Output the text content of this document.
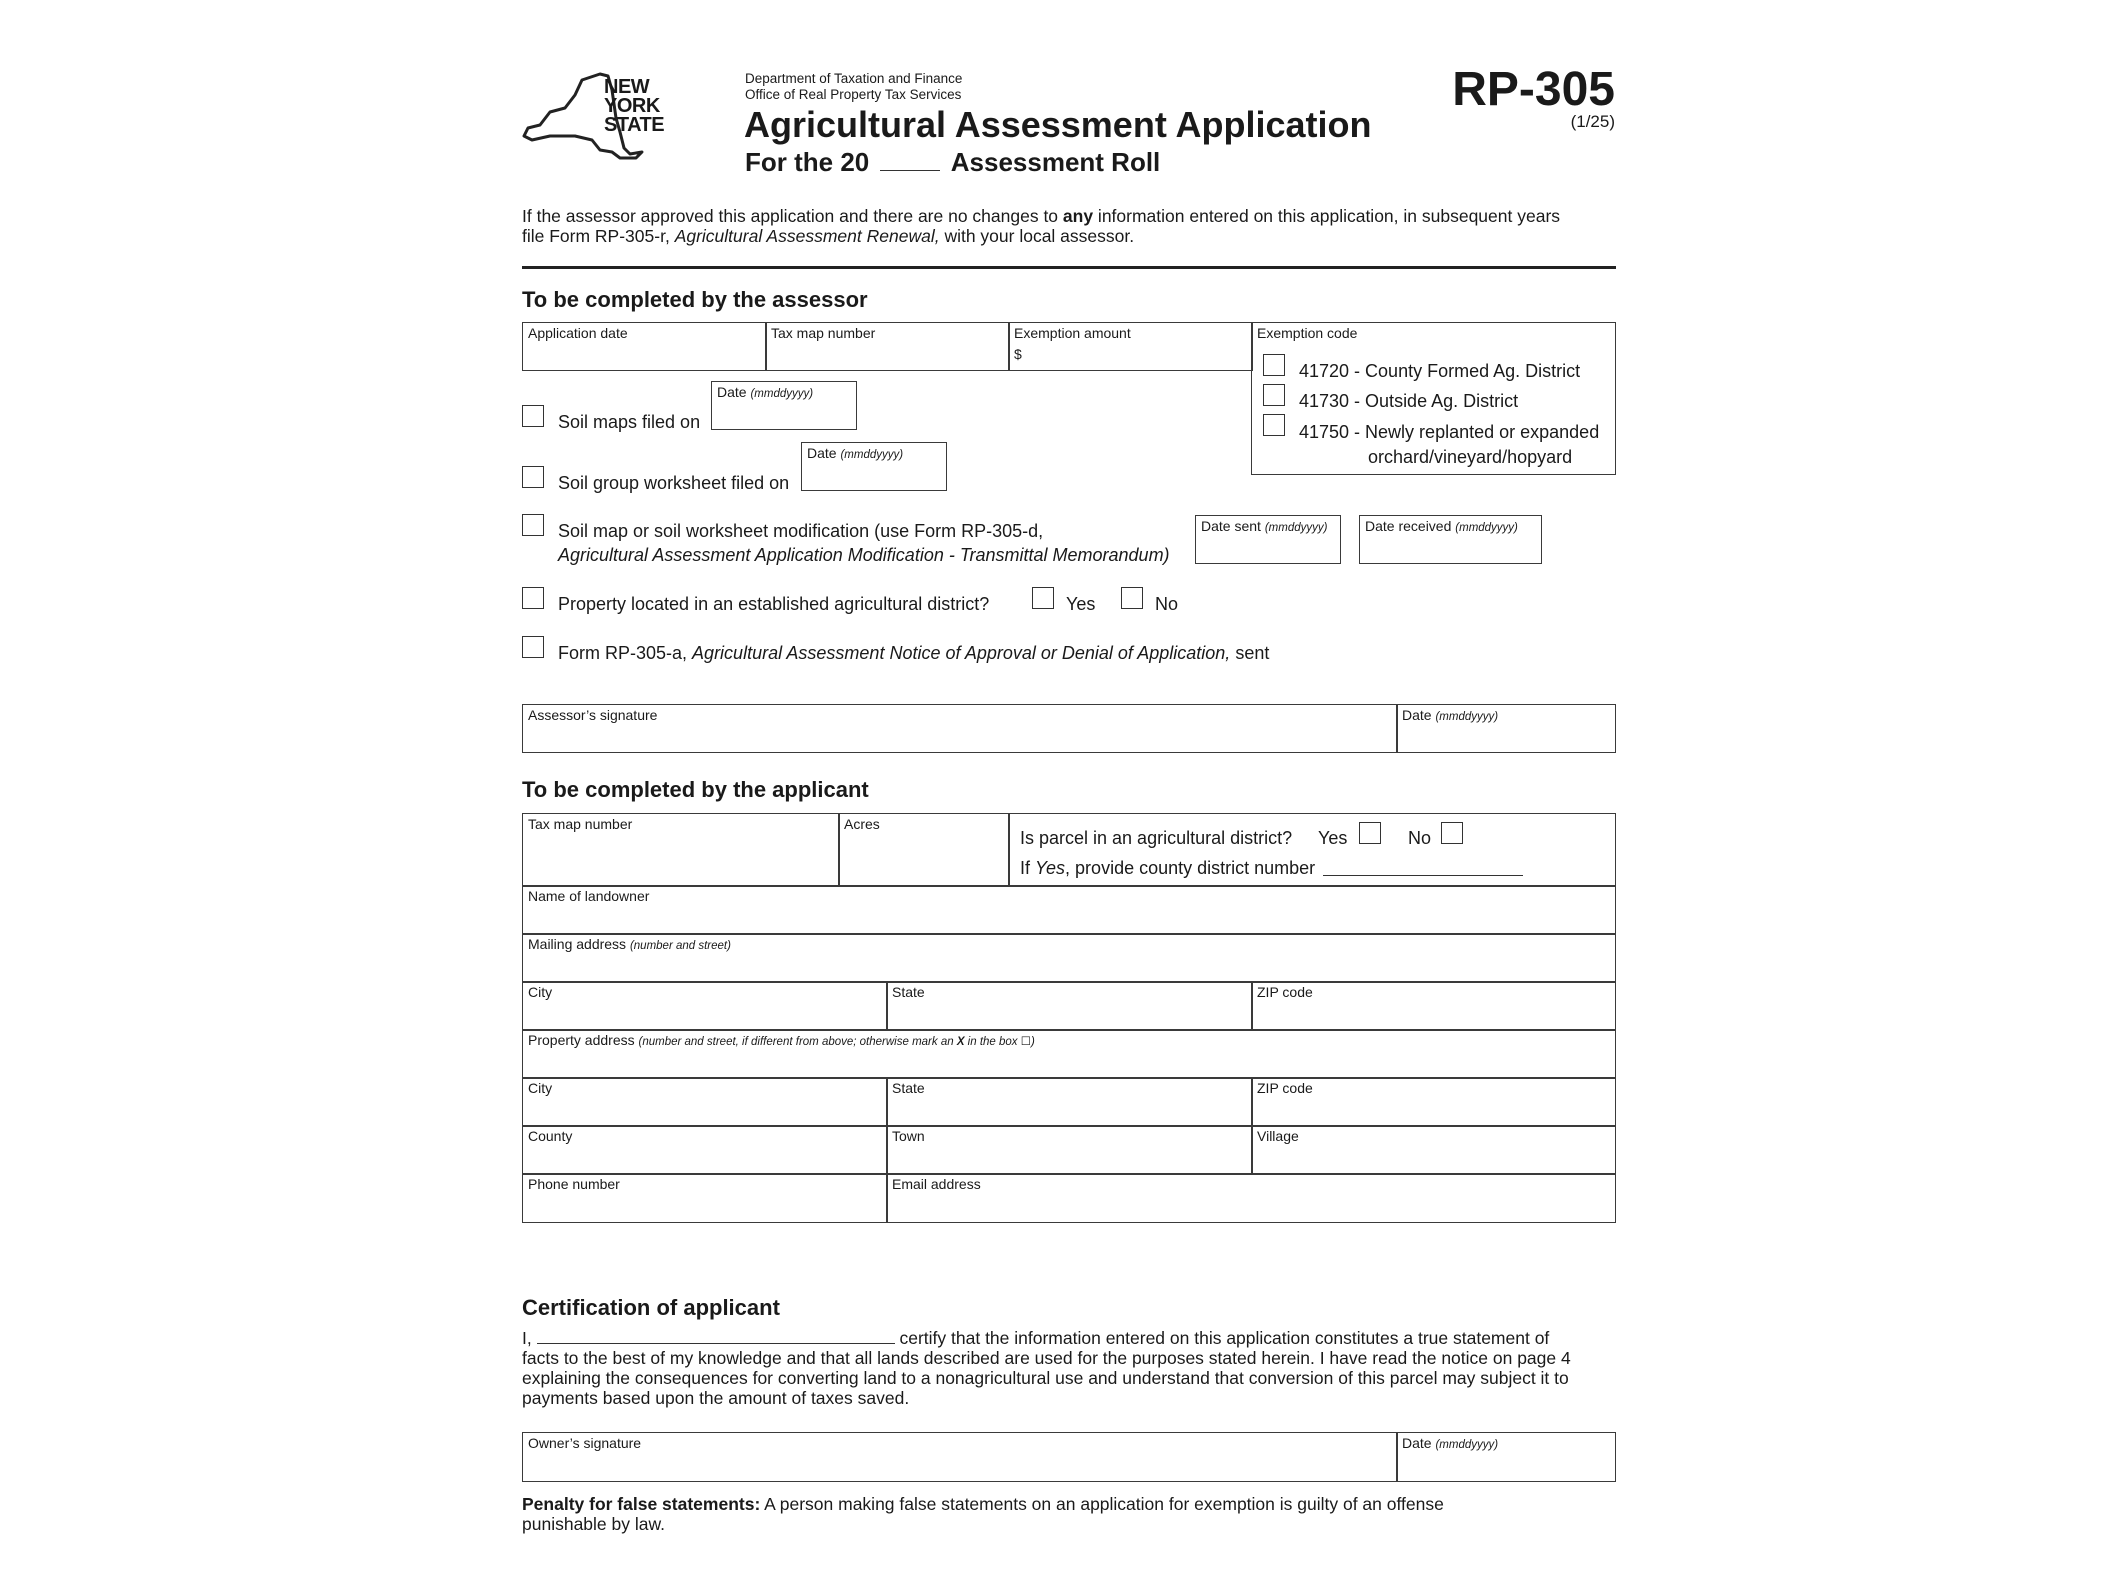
NEW
YORK
STATE
Department of Taxation and Finance
Office of Real Property Tax Services
Agricultural Assessment Application
For the 20	Assessment Roll
RP-305
(1/25)
If the assessor approved this application and there are no changes to any information entered on this application, in subsequent years
file Form RP-305-r, Agricultural Assessment Renewal, with your local assessor.
To be completed by the assessor
Application date	Tax map number	Exemption amount
$
Exemption code
41720 - County Formed Ag. District
41730 - Outside Ag. District
41750 - Newly replanted or expanded
orchard/vineyard/hopyard
Soil maps filed on
Date (mmddyyyy)
Soil group worksheet filed on
Date (mmddyyyy)
Soil map or soil worksheet modification (use Form RP-305-d,
Agricultural Assessment Application Modification - Transmittal Memorandum)
Date sent (mmddyyyy)	Date received (mmddyyyy)
Property located in an established agricultural district?	Yes	No
Form RP-305-a, Agricultural Assessment Notice of Approval or Denial of Application, sent
Assessor’s signature	Date (mmddyyyy)
To be completed by the applicant
Tax map number	Acres
Is parcel in an agricultural district? Yes	No
If Yes, provide county district number
Name of landowner
Mailing address (number and street)
City	State	ZIP code
Property address (number and street, if different from above; otherwise mark an X in the box ☐)
City	State	ZIP code
County	Town	Village
Phone number	Email address
Certification of applicant
I,	certify that the information entered on this application constitutes a true statement of
facts to the best of my knowledge and that all lands described are used for the purposes stated herein. I have read the notice on page 4
explaining the consequences for converting land to a nonagricultural use and understand that conversion of this parcel may subject it to
payments based upon the amount of taxes saved.
Owner’s signature	Date (mmddyyyy)
Penalty for false statements: A person making false statements on an application for exemption is guilty of an offense
punishable by law.
